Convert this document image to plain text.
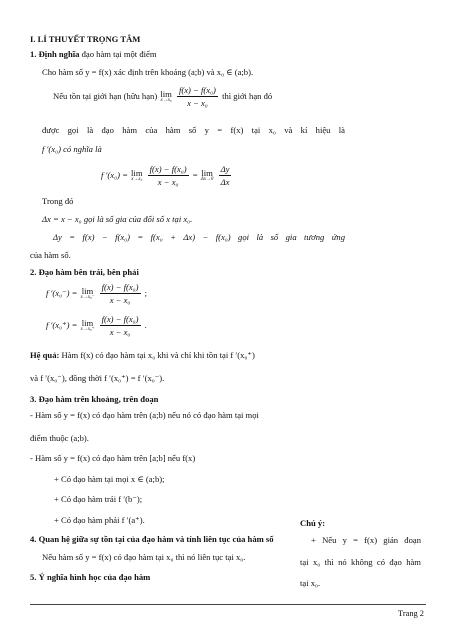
I. LÍ THUYẾT TRỌNG TÂM
1. Định nghĩa đạo hàm tại một điểm
Cho hàm số y = f(x) xác định trên khoảng (a;b) và x₀ ∈ (a;b).
Nếu tồn tại giới hạn (hữu hạn) lim
x→x₀
$\frac{\text{f(x) − f(x₀)}}{\text{x − x₀}}$ thì giới hạn đó
được gọi là đạo hàm của hàm số y = f(x) tại x₀ và kí hiệu là
f ′(x₀) có nghĩa là
f ′(x₀) = lim
x→x₀
$\frac{\text{f(x) − f(x₀)}}{\text{x − x₀}} = \lim$
Δx→0
$\frac{\Delta y}{\Delta x}$
Trong đó
Δx = x − x₀ gọi là số gia của đối số x tại x₀.
Δy = f(x) − f(x₀) = f(x₀ + Δx) − f(x₀) gọi là số gia tương ứng
của hàm số.
2. Đạo hàm bên trái, bên phải
f ′(x₀⁻) = lim
x→x₀⁻
$\frac{\text{f(x) − f(x₀)}}{\text{x − x₀}}$ ;
f ′(x₀⁺) = lim
x→x₀⁺
$\frac{\text{f(x) − f(x₀)}}{\text{x − x₀}}$ .
Hệ quả: Hàm f(x) có đạo hàm tại x₀ khi và chỉ khi tồn tại f ′(x₀⁺)
và f ′(x₀⁻), đồng thời f ′(x₀⁺) = f ′(x₀⁻).
3. Đạo hàm trên khoảng, trên đoạn
- Hàm số y = f(x) có đạo hàm trên (a;b) nếu nó có đạo hàm tại mọi
điểm thuộc (a;b).
- Hàm số y = f(x) có đạo hàm trên [a;b] nếu f(x)
+ Có đạo hàm tại mọi x ∈ (a;b);
+ Có đạo hàm trái f ′(b⁻);
+ Có đạo hàm phải f ′(a⁺).
4. Quan hệ giữa sự tồn tại của đạo hàm và tính liên tục của hàm số
Nếu hàm số y = f(x) có đạo hàm tại x₀ thì nó liên tục tại x₀.
5. Ý nghĩa hình học của đạo hàm
Chú ý:
+ Nếu y = f(x) gián đoạn
tại x₀ thì nó không có đạo hàm
tại x₀.
Trang 2
